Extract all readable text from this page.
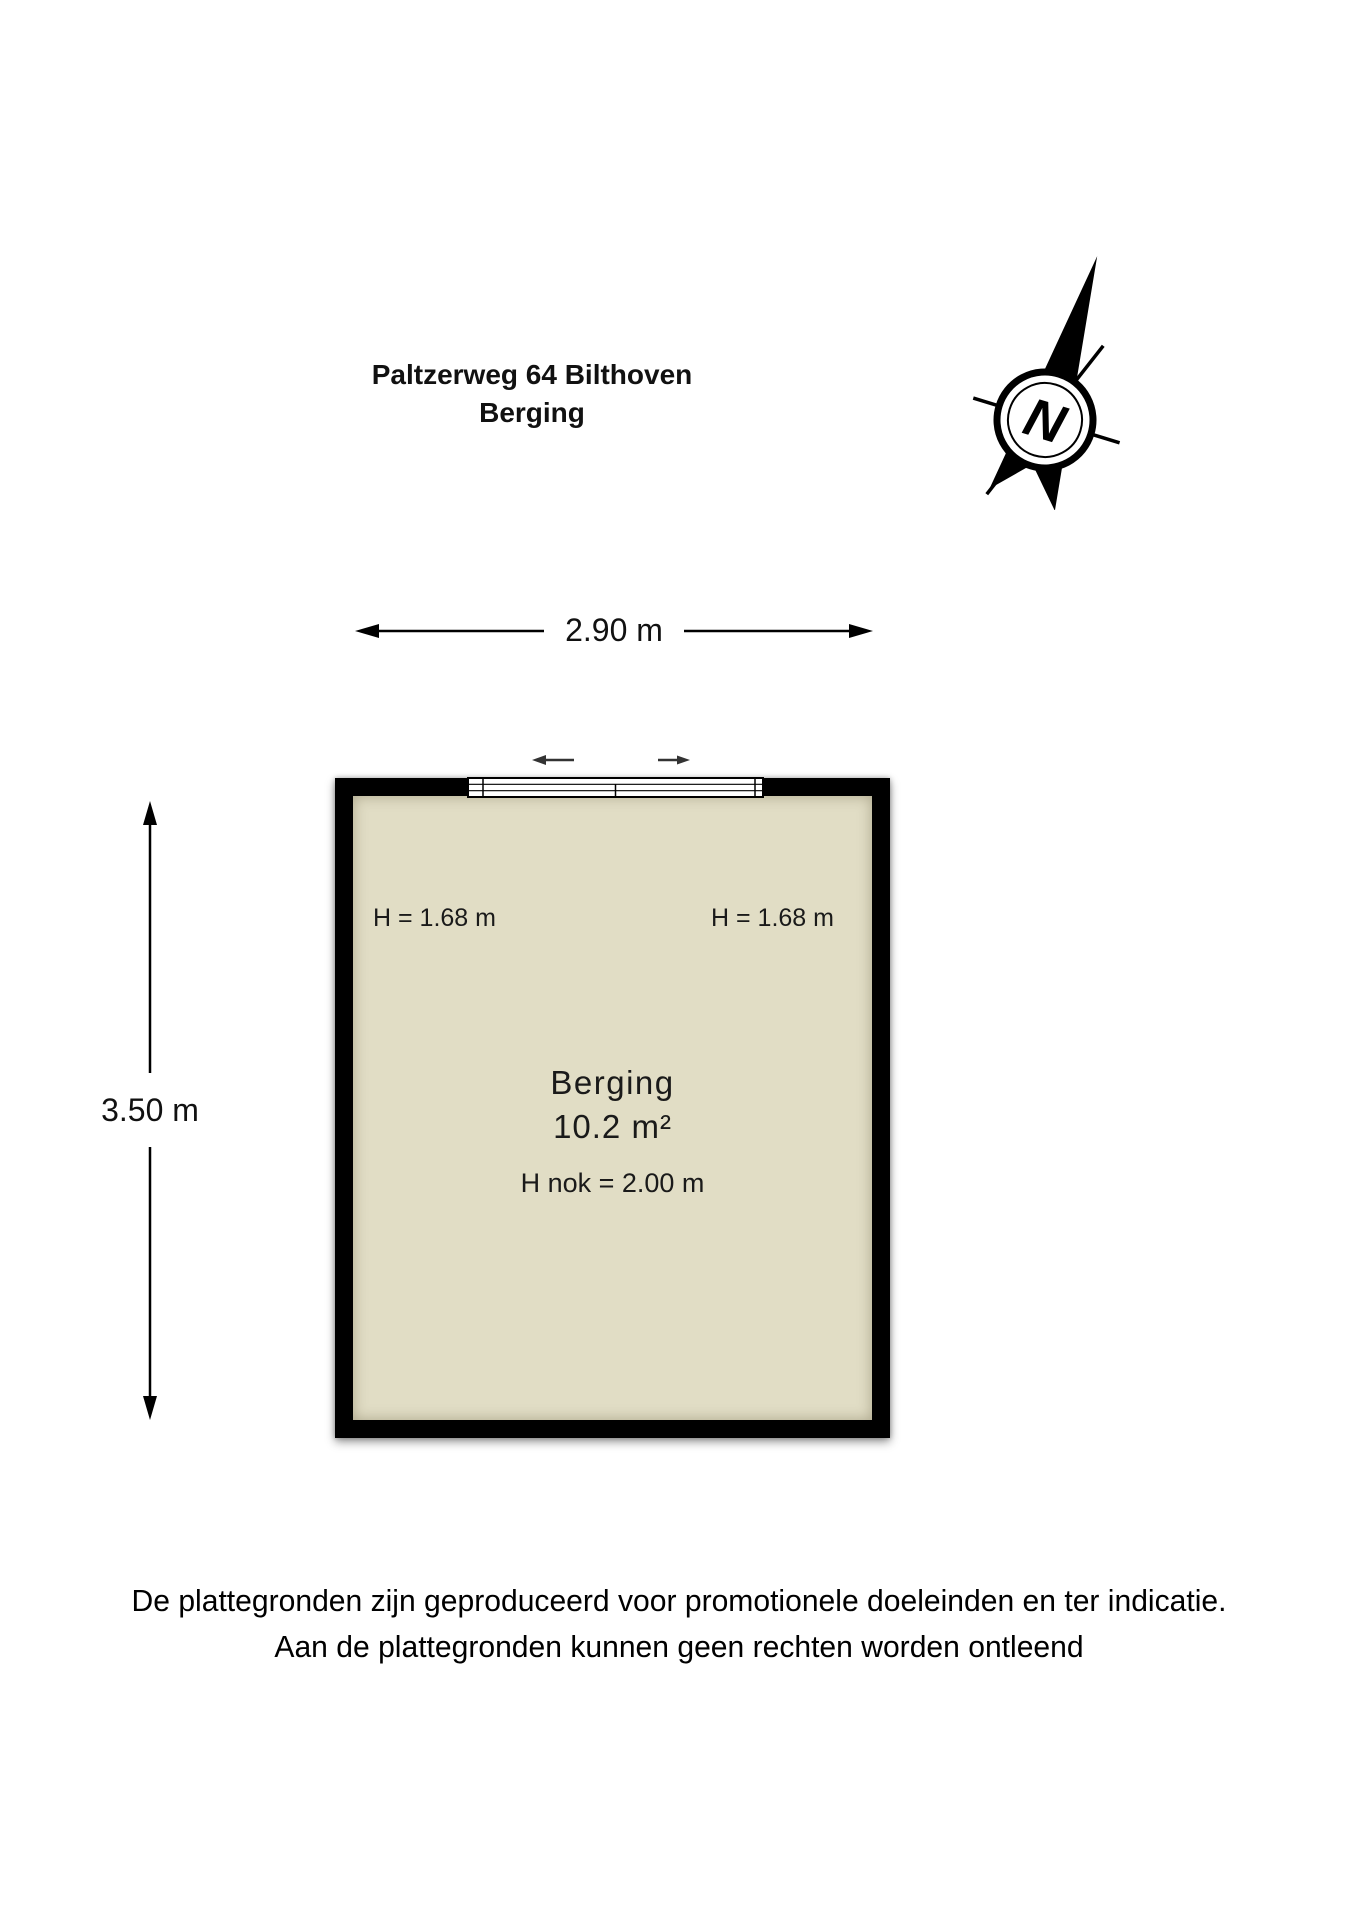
Paltzerweg 64 Bilthoven
Berging	N
2.90 m
3.50 m
H = 1.68 m	H = 1.68 m
Berging
10.2 m²
H nok = 2.00 m
De plattegronden zijn geproduceerd voor promotionele doeleinden en ter indicatie.
Aan de plattegronden kunnen geen rechten worden ontleend
